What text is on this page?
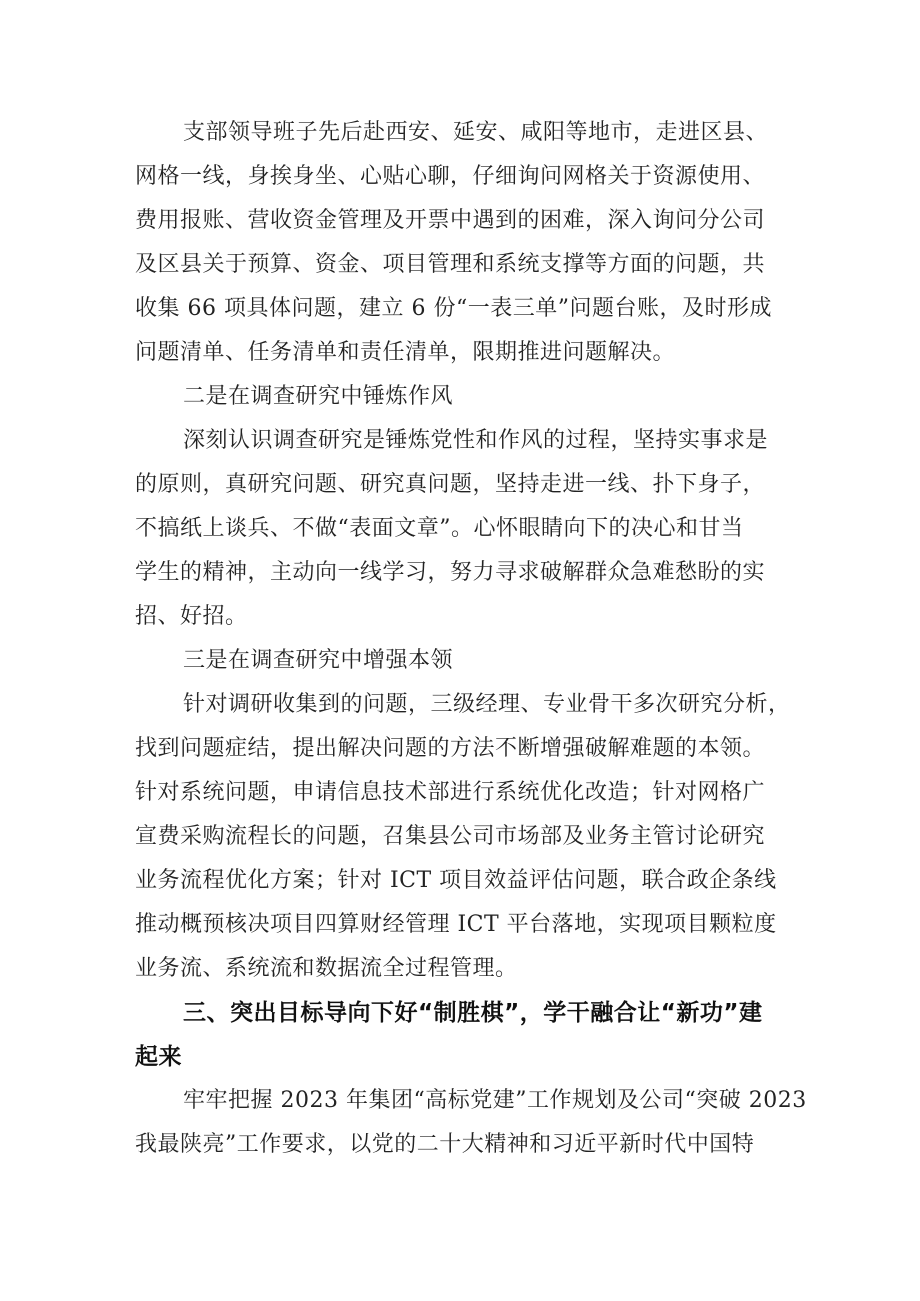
支部领导班子先后赴西安、延安、咸阳等地市，走进区县、
网格一线，身挨身坐、心贴心聊，仔细询问网格关于资源使用、
费用报账、营收资金管理及开票中遇到的困难，深入询问分公司
及区县关于预算、资金、项目管理和系统支撑等方面的问题，共
收集 66 项具体问题，建立 6 份“一表三单”问题台账，及时形成
问题清单、任务清单和责任清单，限期推进问题解决。
二是在调查研究中锤炼作风
深刻认识调查研究是锤炼党性和作风的过程，坚持实事求是
的原则，真研究问题、研究真问题，坚持走进一线、扑下身子，
不搞纸上谈兵、不做“表面文章”。心怀眼睛向下的决心和甘当
学生的精神，主动向一线学习，努力寻求破解群众急难愁盼的实
招、好招。
三是在调查研究中增强本领
针对调研收集到的问题，三级经理、专业骨干多次研究分析，
找到问题症结，提出解决问题的方法不断增强破解难题的本领。
针对系统问题，申请信息技术部进行系统优化改造；针对网格广
宣费采购流程长的问题，召集县公司市场部及业务主管讨论研究
业务流程优化方案；针对 ICT 项目效益评估问题，联合政企条线
推动概预核决项目四算财经管理 ICT 平台落地，实现项目颗粒度
业务流、系统流和数据流全过程管理。
三、突出目标导向下好“制胜棋”，学干融合让“新功”建
起来
牢牢把握 2023 年集团“高标党建”工作规划及公司“突破 2023
我最陕亮”工作要求，以党的二十大精神和习近平新时代中国特
